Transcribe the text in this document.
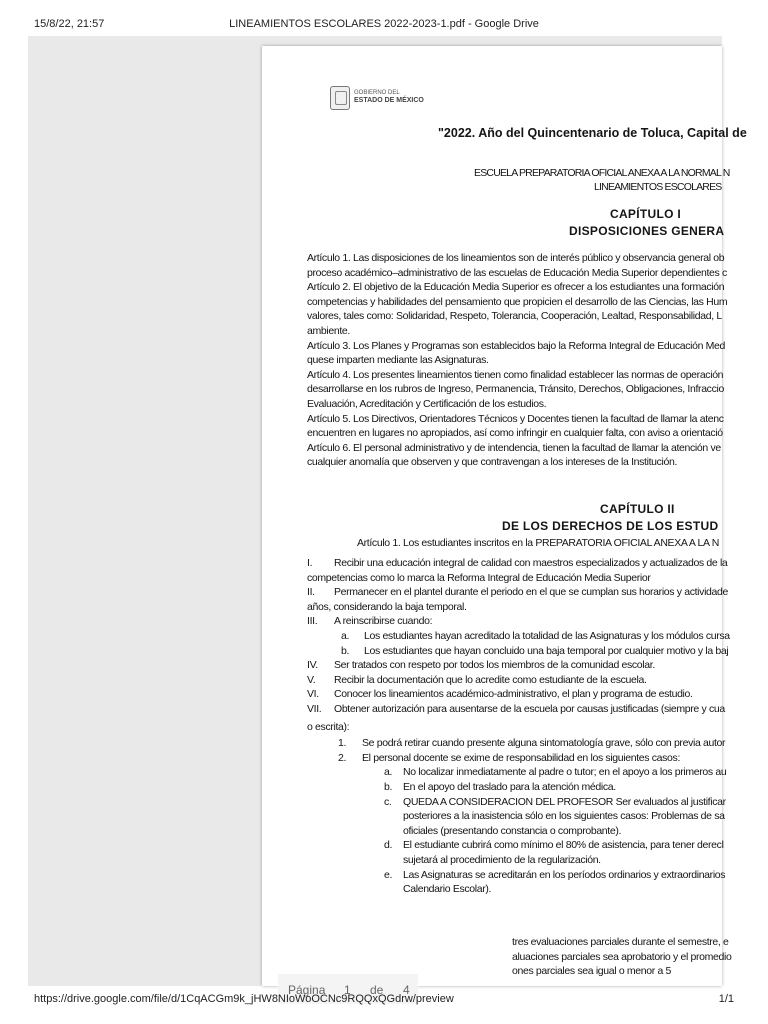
15/8/22, 21:57	LINEAMIENTOS ESCOLARES 2022-2023-1.pdf - Google Drive
GOBIERNO DEL
ESTADO DE MÉXICO
"2022. Año del Quincentenario de Toluca, Capital de
ESCUELA PREPARATORIA OFICIAL ANEXA A LA NORMAL N
LINEAMIENTOS ESCOLARES
CAPÍTULO I
DISPOSICIONES GENERA
Artículo 1. Las disposiciones de los lineamientos son de interés público y observancia general ob
proceso académico–administrativo de las escuelas de Educación Media Superior dependientes c
Artículo 2. El objetivo de la Educación Media Superior es ofrecer a los estudiantes una formación
competencias y habilidades del pensamiento que propicien el desarrollo de las Ciencias, las Hum
valores, tales como: Solidaridad, Respeto, Tolerancia, Cooperación, Lealtad, Responsabilidad, L
ambiente.
Artículo 3. Los Planes y Programas son establecidos bajo la Reforma Integral de Educación Med
quese imparten mediante las Asignaturas.
Artículo 4. Los presentes lineamientos tienen como finalidad establecer las normas de operación
desarrollarse en los rubros de Ingreso, Permanencia, Tránsito, Derechos, Obligaciones, Infraccio
Evaluación, Acreditación y Certificación de los estudios.
Artículo 5. Los Directivos, Orientadores Técnicos y Docentes tienen la facultad de llamar la atenc
encuentren en lugares no apropiados, así como infringir en cualquier falta, con aviso a orientació
Artículo 6. El personal administrativo y de intendencia, tienen la facultad de llamar la atención ve
cualquier anomalía que observen y que contravengan a los intereses de la Institución.
CAPÍTULO II
DE LOS DERECHOS DE LOS ESTUD
Artículo 1. Los estudiantes inscritos en la PREPARATORIA OFICIAL ANEXA A LA N
I. Recibir una educación integral de calidad con maestros especializados y actualizados de la
competencias como lo marca la Reforma Integral de Educación Media Superior
II. Permanecer en el plantel durante el periodo en el que se cumplan sus horarios y actividade
años, considerando la baja temporal.
III. A reinscribirse cuando:
a. Los estudiantes hayan acreditado la totalidad de las Asignaturas y los módulos cursa
b. Los estudiantes que hayan concluido una baja temporal por cualquier motivo y la baj
IV. Ser tratados con respeto por todos los miembros de la comunidad escolar.
V. Recibir la documentación que lo acredite como estudiante de la escuela.
VI. Conocer los lineamientos académico-administrativo, el plan y programa de estudio.
VII. Obtener autorización para ausentarse de la escuela por causas justificadas (siempre y cua
o escrita):
1. Se podrá retirar cuando presente alguna sintomatología grave, sólo con previa autor
2. El personal docente se exime de responsabilidad en los siguientes casos:
a. No localizar inmediatamente al padre o tutor; en el apoyo a los primeros au
b. En el apoyo del traslado para la atención médica.
c. QUEDA A CONSIDERACION DEL PROFESOR Ser evaluados al justificar
posteriores a la inasistencia sólo en los siguientes casos: Problemas de sa
oficiales (presentando constancia o comprobante).
d. El estudiante cubrirá como mínimo el 80% de asistencia, para tener derecl
sujetará al procedimiento de la regularización.
e. Las Asignaturas se acreditarán en los períodos ordinarios y extraordinarios
Calendario Escolar).
tres evaluaciones parciales durante el semestre, e
aluaciones parciales sea aprobatorio y el promedio
ones parciales sea igual o menor a 5
Página 1 de 4
https://drive.google.com/file/d/1CqACGm9k_jHW8NIoWoOCNc9RQQxQGdrw/preview	1/1
